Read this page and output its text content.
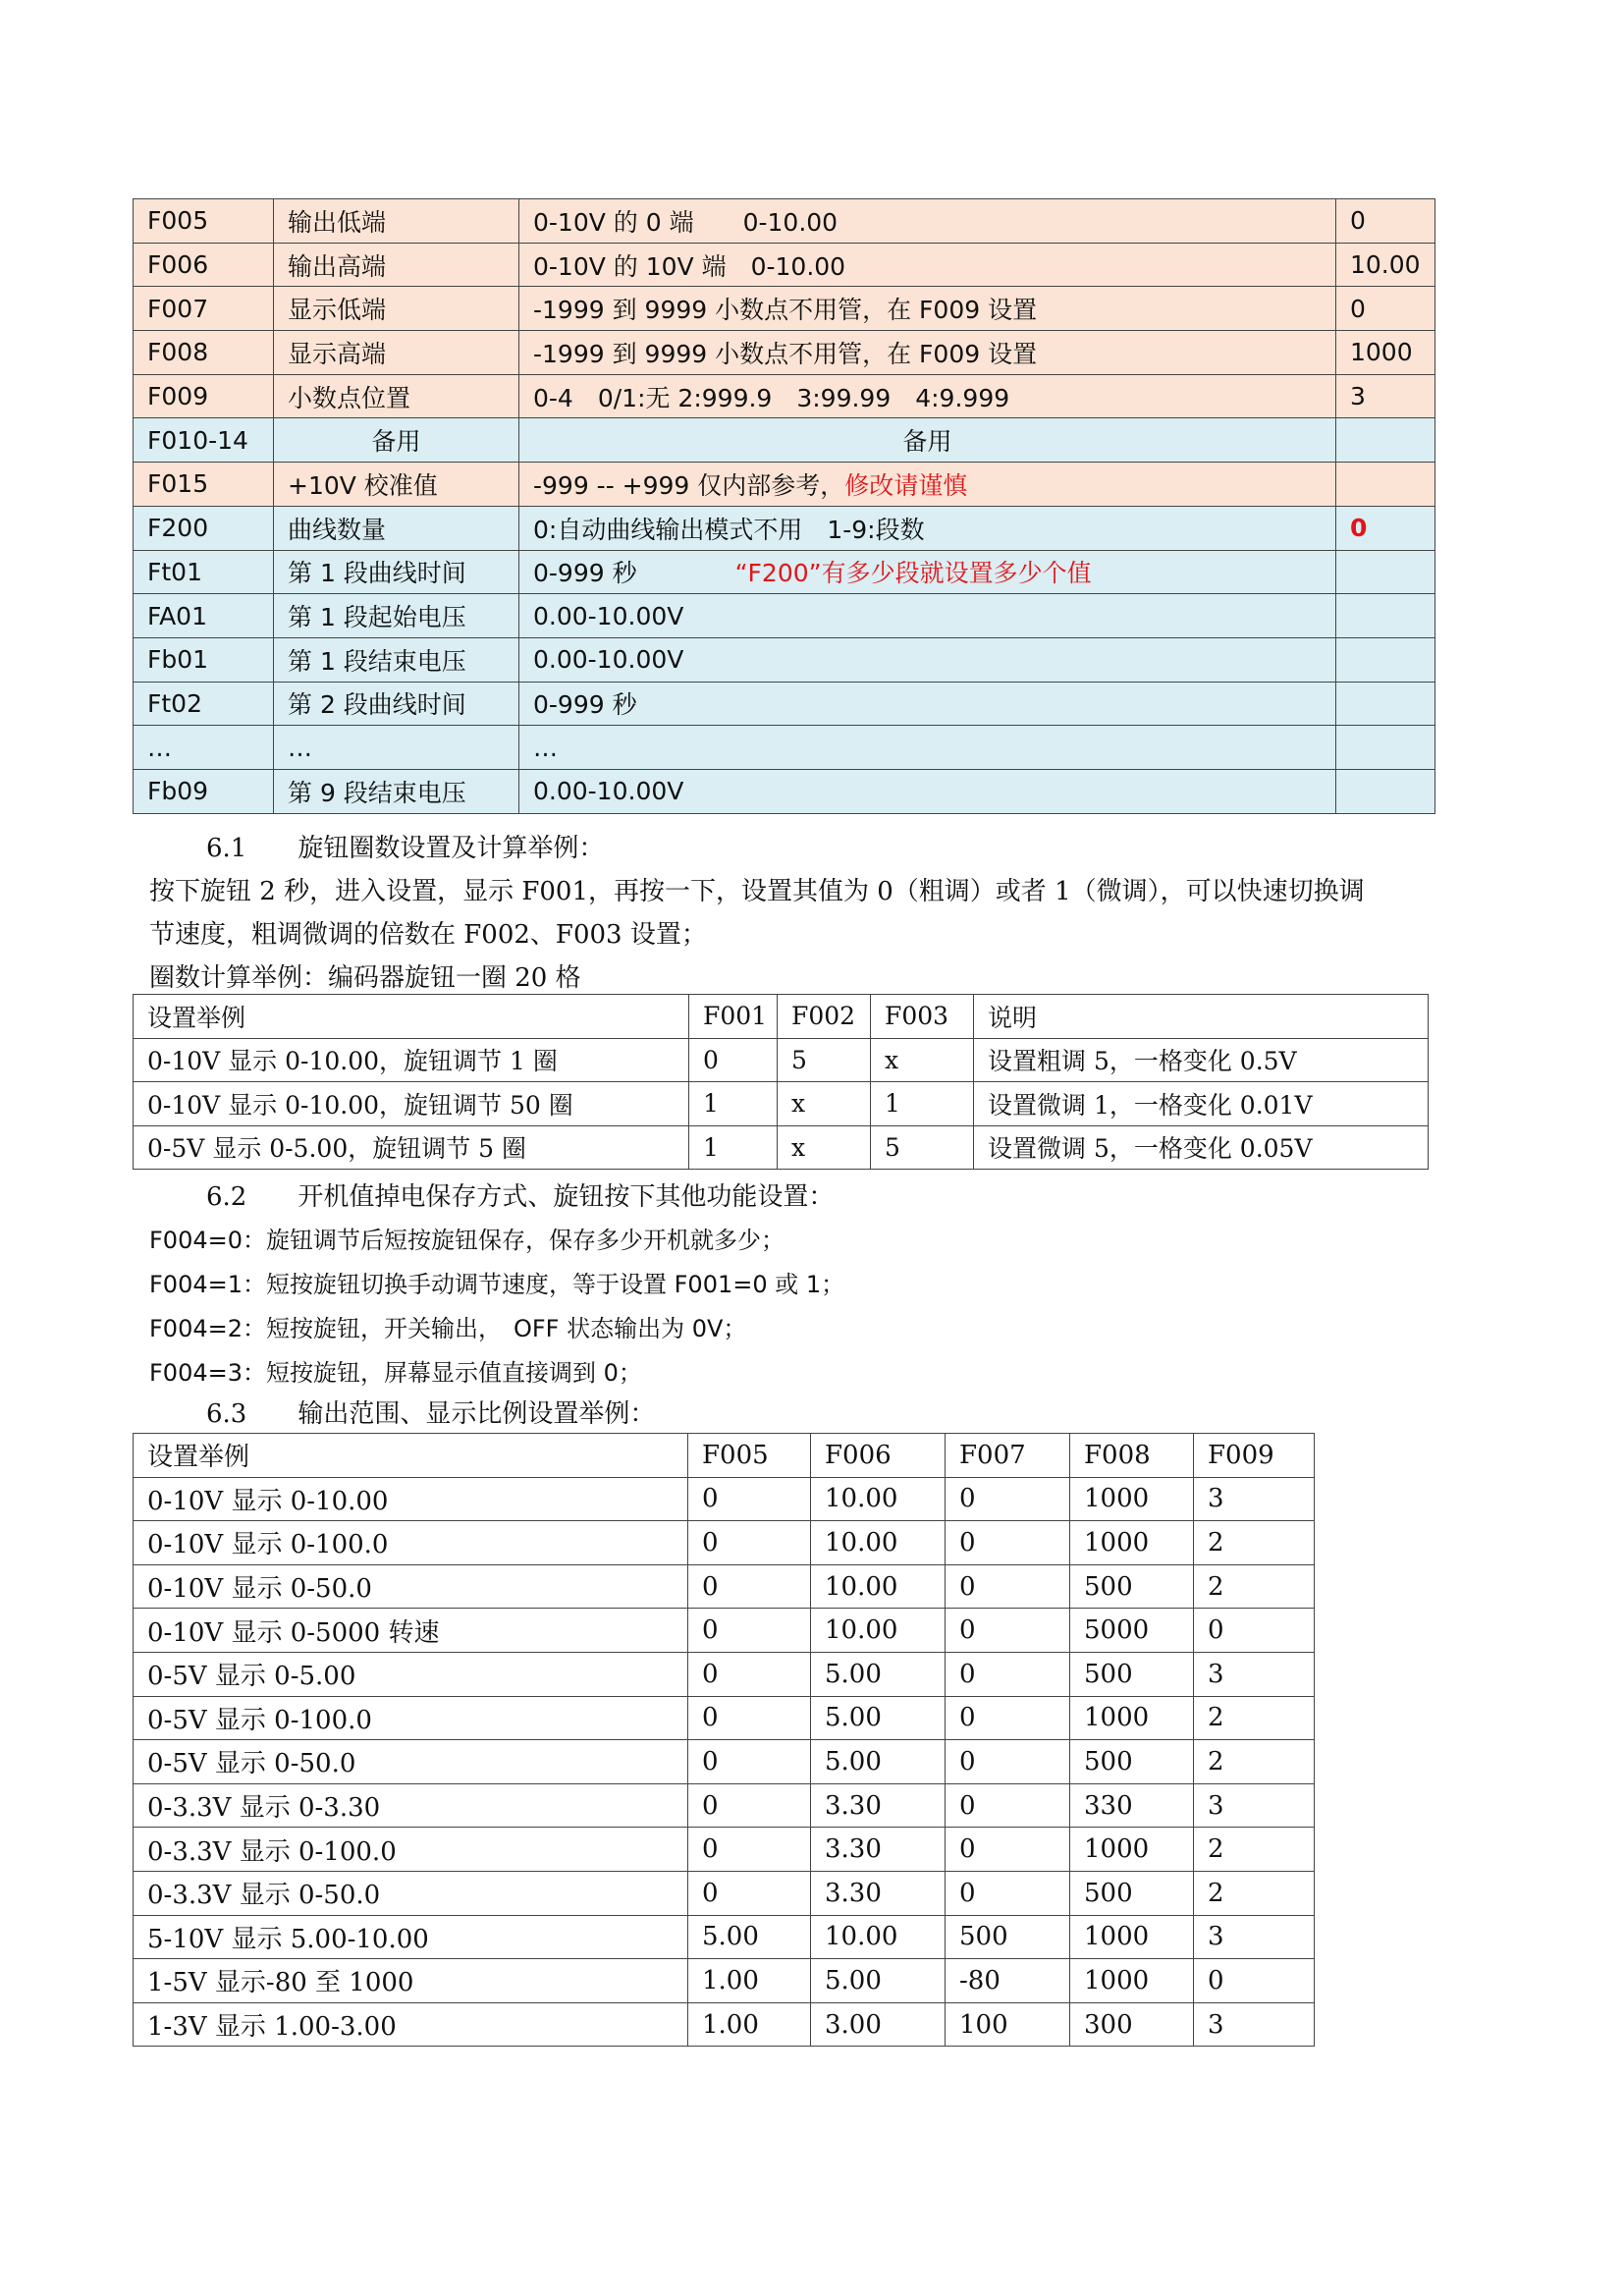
F005	输出低端	0-10V 的 0 端　　0-10.00	0
F006	输出高端	0-10V 的 10V 端　0-10.00	10.00
F007	显示低端	-1999 到 9999 小数点不用管，在 F009 设置	0
F008	显示高端	-1999 到 9999 小数点不用管，在 F009 设置	1000
F009	小数点位置	0-4　0/1:无 2:999.9　3:99.99　4:9.999	3
F010-14	备用	备用	
F015	+10V 校准值	-999 -- +999 仅内部参考，修改请谨慎	
F200	曲线数量	0:自动曲线输出模式不用　1-9:段数	0
Ft01	第 1 段曲线时间	0-999 秒　　　　“F200”有多少段就设置多少个值	
FA01	第 1 段起始电压	0.00-10.00V	
Fb01	第 1 段结束电压	0.00-10.00V	
Ft02	第 2 段曲线时间	0-999 秒	
…	…	…	
Fb09	第 9 段结束电压	0.00-10.00V	
6.1 旋钮圈数设置及计算举例：
按下旋钮 2 秒，进入设置，显示 F001，再按一下，设置其值为 0（粗调）或者 1（微调），可以快速切换调
节速度，粗调微调的倍数在 F002、F003 设置；
圈数计算举例：编码器旋钮一圈 20 格
设置举例	F001	F002	F003	说明
0-10V 显示 0-10.00，旋钮调节 1 圈	0	5	x	设置粗调 5，一格变化 0.5V
0-10V 显示 0-10.00，旋钮调节 50 圈	1	x	1	设置微调 1，一格变化 0.01V
0-5V 显示 0-5.00，旋钮调节 5 圈	1	x	5	设置微调 5，一格变化 0.05V
6.2 开机值掉电保存方式、旋钮按下其他功能设置：
F004=0：旋钮调节后短按旋钮保存，保存多少开机就多少；
F004=1：短按旋钮切换手动调节速度，等于设置 F001=0 或 1；
F004=2：短按旋钮，开关输出，　OFF 状态输出为 0V；
F004=3：短按旋钮，屏幕显示值直接调到 0；
6.3 输出范围、显示比例设置举例：
设置举例	F005	F006	F007	F008	F009
0-10V 显示 0-10.00	0	10.00	0	1000	3
0-10V 显示 0-100.0	0	10.00	0	1000	2
0-10V 显示 0-50.0	0	10.00	0	500	2
0-10V 显示 0-5000 转速	0	10.00	0	5000	0
0-5V 显示 0-5.00	0	5.00	0	500	3
0-5V 显示 0-100.0	0	5.00	0	1000	2
0-5V 显示 0-50.0	0	5.00	0	500	2
0-3.3V 显示 0-3.30	0	3.30	0	330	3
0-3.3V 显示 0-100.0	0	3.30	0	1000	2
0-3.3V 显示 0-50.0	0	3.30	0	500	2
5-10V 显示 5.00-10.00	5.00	10.00	500	1000	3
1-5V 显示-80 至 1000	1.00	5.00	-80	1000	0
1-3V 显示 1.00-3.00	1.00	3.00	100	300	3
